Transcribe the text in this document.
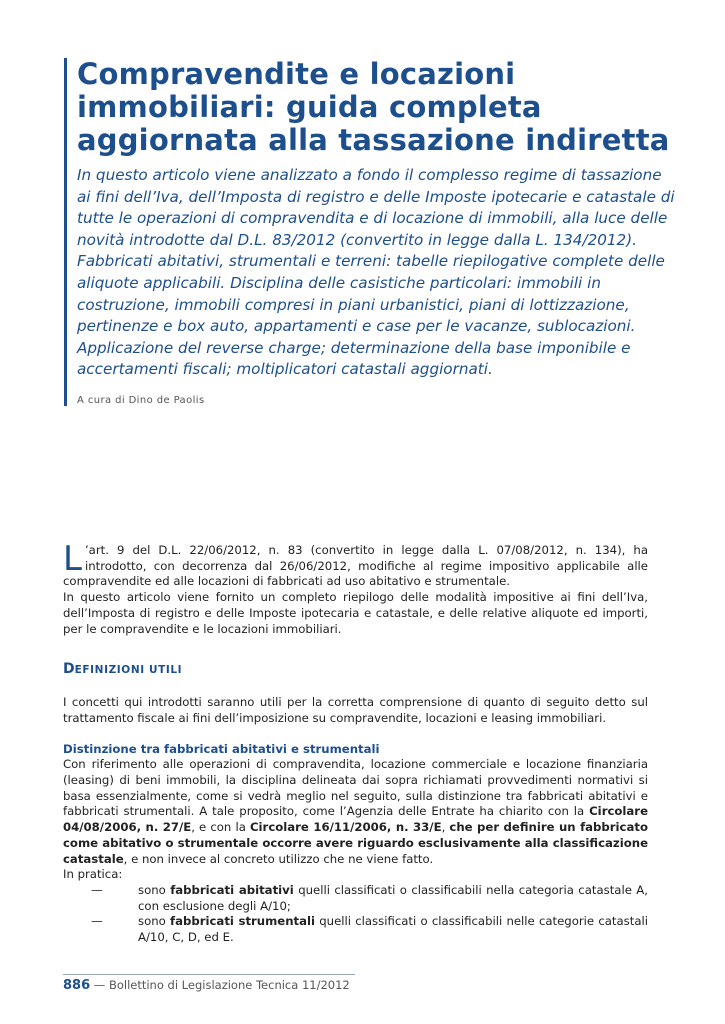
Compravendite e locazioni immobiliari: guida completa aggiornata alla tassazione indiretta

In questo articolo viene analizzato a fondo il complesso regime di tassazione ai fini dell’Iva, dell’Imposta di registro e delle Imposte ipotecarie e catastale di tutte le operazioni di compravendita e di locazione di immobili, alla luce delle novità introdotte dal D.L. 83/2012 (convertito in legge dalla L. 134/2012).

Fabbricati abitativi, strumentali e terreni: tabelle riepilogative complete delle aliquote applicabili. Disciplina delle casistiche particolari: immobili in costruzione, immobili compresi in piani urbanistici, piani di lottizzazione, pertinenze e box auto, appartamenti e case per le vacanze, sublocazioni.

Applicazione del reverse charge; determinazione della base imponibile e accertamenti fiscali; moltiplicatori catastali aggiornati.

A cura di Dino de Paolis

L ’art. 9 del D.L. 22/06/2012, n. 83 (convertito in legge dalla L. 07/08/2012, n. 134), ha introdotto, con decorrenza dal 26/06/2012, modifiche al regime impositivo applicabile alle compravendite ed alle locazioni di fabbricati ad uso abitativo e strumentale.

In questo articolo viene fornito un completo riepilogo delle modalità impositive ai fini dell’Iva, dell’Imposta di registro e delle Imposte ipotecaria e catastale, e delle relative aliquote ed importi, per le compravendite e le locazioni immobiliari.

DEFINIZIONI UTILI

I concetti qui introdotti saranno utili per la corretta comprensione di quanto di seguito detto sul trattamento fiscale ai fini dell’imposizione su compravendite, locazioni e leasing immobiliari.

Distinzione tra fabbricati abitativi e strumentali

Con riferimento alle operazioni di compravendita, locazione commerciale e locazione finanziaria (leasing) di beni immobili, la disciplina delineata dai sopra richiamati provvedimenti normativi si basa essenzialmente, come si vedrà meglio nel seguito, sulla distinzione tra fabbricati abitativi e fabbricati strumentali. A tale proposito, come l’Agenzia delle Entrate ha chiarito con la Circolare 04/08/2006, n. 27/E, e con la Circolare 16/11/2006, n. 33/E, che per definire un fabbricato come abitativo o strumentale occorre avere riguardo esclusivamente alla classificazione catastale, e non invece al concreto utilizzo che ne viene fatto.

In pratica:

—	sono fabbricati abitativi quelli classificati o classificabili nella categoria catastale A, con esclusione degli A/10;
—	sono fabbricati strumentali quelli classificati o classificabili nelle categorie catastali A/10, C, D, ed E.
886 — Bollettino di Legislazione Tecnica 11/2012
